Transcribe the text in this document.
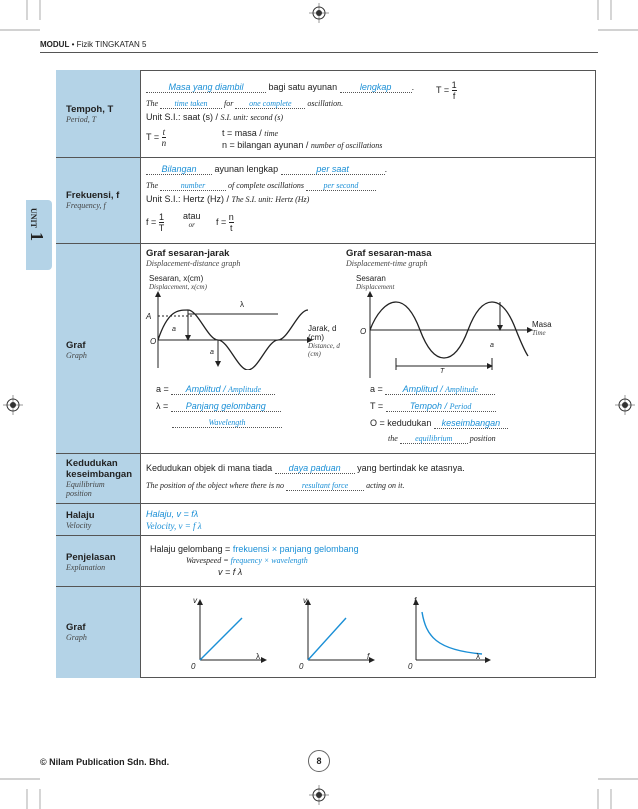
MODUL • Fizik TINGKATAN 5
UNIT 1
Tempoh, T
Period, T
Masa yang diambil	bagi satu ayunan	lengkap . $T = \frac{1}{f}$
The time taken for one complete oscillation.
Unit S.I.: saat (s) / S.I. unit: second (s)
$T = \frac{t}{n}$	t = masa / time
n = bilangan ayunan / number of oscillations
Frekuensi, f
Frequency, f
Bilangan ayunan lengkap	per saat	.
The	number	of complete oscillations per second
Unit S.I.: Hertz (Hz) / The S.I. unit: Hertz (Hz)
$f = \frac{1}{T}$ atau
or	$f = \frac{n}{t}$
Graf
Graph
Graf sesaran-jarak
Displacement-distance graph
Graf sesaran-masa
Displacement-time graph
Sesaran, x(cm)
Displacement, x(cm)
Sesaran
Displacement
λ
A
O
a
a
Jarak, d
(cm)
Distance, d
(cm)
O
a
T
Masa
Time
a = Amplitud / Amplitude
λ = Panjang gelombang
Wavelength
a = Amplitud / Amplitude
T =	Tempoh / Period
O = kedudukan keseimbangan
the equilibrium position
Kedudukan
keseimbangan
Equilibrium
position
Kedudukan objek di mana tiada daya paduan yang bertindak ke atasnya.
The position of the object where there is no resultant force acting on it.
Halaju
Velocity
Halaju, v = fλ
Velocity, v = f λ
Penjelasan
Explanation
Halaju gelombang = frekuensi × panjang gelombang
Wavespeed = frequency × wavelength
v = f λ
Graf
Graph
v
λ
0
v
f
0
f
λ
0
© Nilam Publication Sdn. Bhd.	8
